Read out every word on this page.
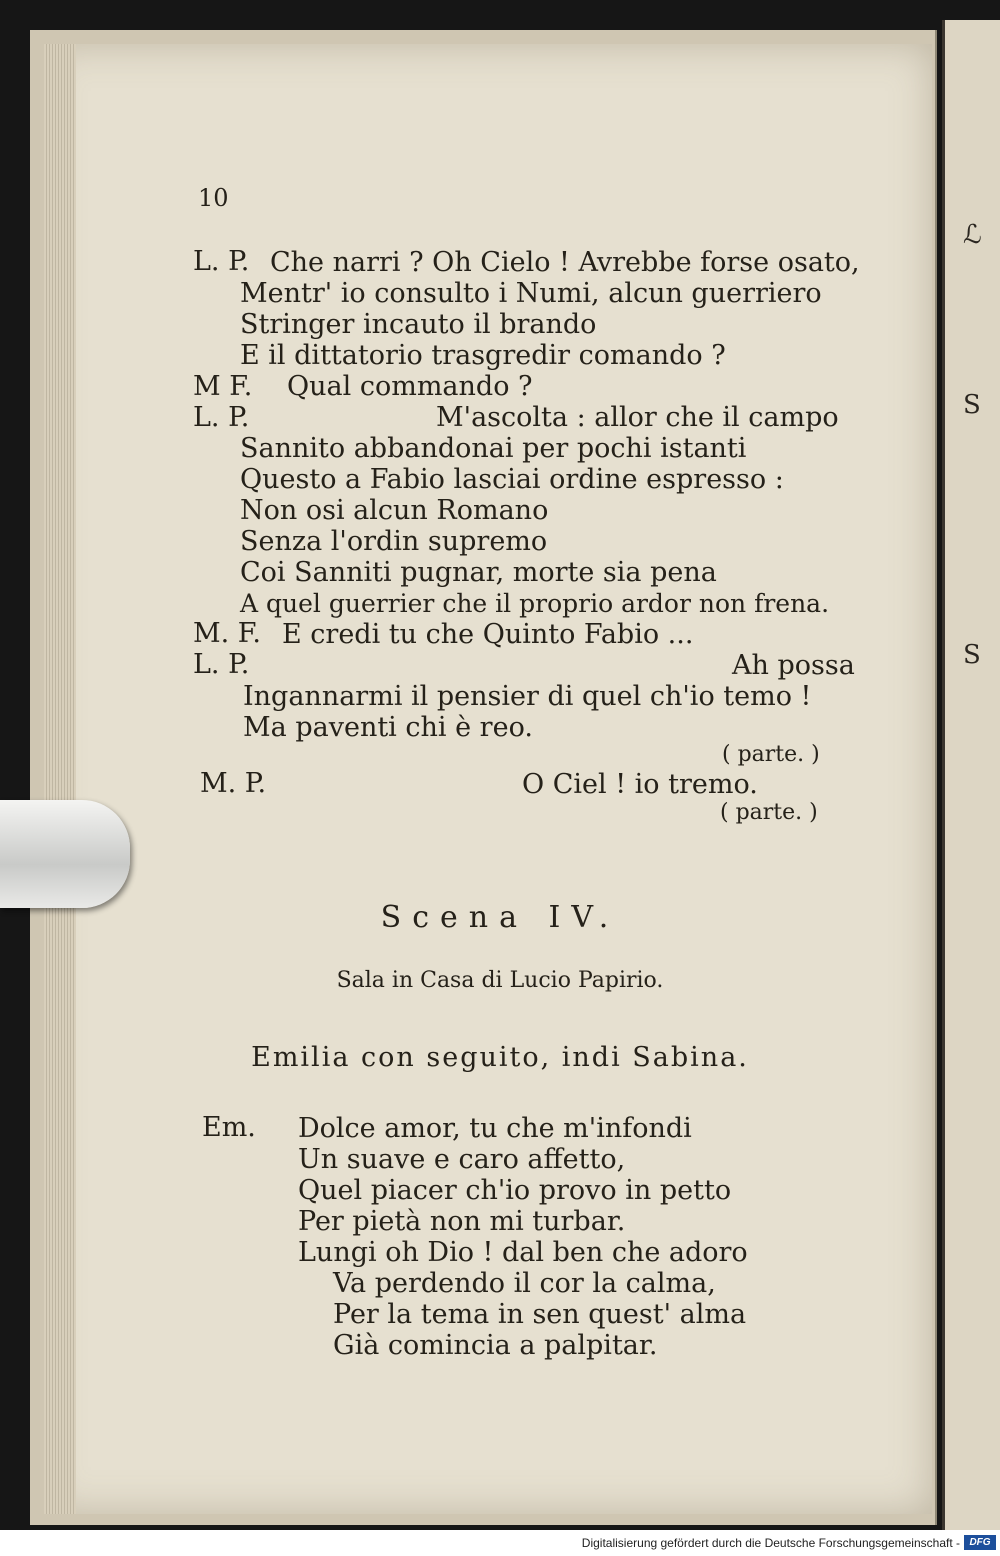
ℒ
S
S
10
L. P.
M F.
L. P.
M. F.
L. P.
M. P.
Che narri ? Oh Cielo ! Avrebbe forse osato,
Mentr' io consulto i Numi, alcun guerriero
Stringer incauto il brando
E il dittatorio trasgredir comando ?
Qual commando ?
M'ascolta : allor che il campo
Sannito abbandonai per pochi istanti
Questo a Fabio lasciai ordine espresso :
Non osi alcun Romano
Senza l'ordin supremo
Coi Sanniti pugnar, morte sia pena
A quel guerrier che il proprio ardor non frena.
E credi tu che Quinto Fabio ...
Ah possa
Ingannarmi il pensier di quel ch'io temo !
Ma paventi chi è reo.
( parte. )
O Ciel ! io tremo.
( parte. )
Scena IV.
Sala in Casa di Lucio Papirio.
Emilia con seguito, indi Sabina.
Em. Dolce amor, tu che m'infondi
Un suave e caro affetto,
Quel piacer ch'io provo in petto
Per pietà non mi turbar.
Lungi oh Dio ! dal ben che adoro
Va perdendo il cor la calma,
Per la tema in sen quest' alma
Già comincia a palpitar.
Digitalisierung gefördert durch die Deutsche Forschungsgemeinschaft - DFG
